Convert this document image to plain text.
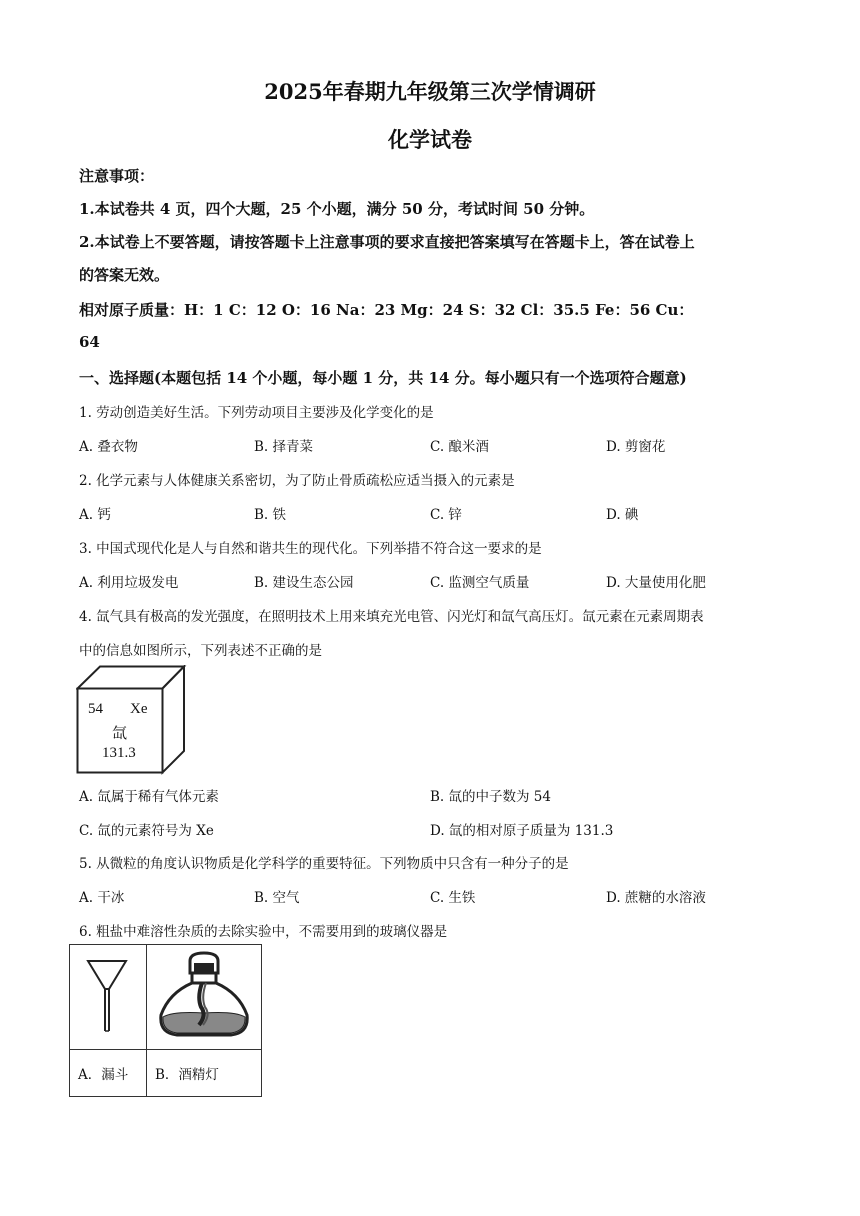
2025年春期九年级第三次学情调研
化学试卷
注意事项：
1.本试卷共 4 页，四个大题，25 个小题，满分 50 分，考试时间 50 分钟。
2.本试卷上不要答题，请按答题卡上注意事项的要求直接把答案填写在答题卡上，答在试卷上
的答案无效。
相对原子质量：H：1 C：12 O：16 Na：23 Mg：24 S：32 Cl：35.5 Fe：56 Cu：
64
一、选择题(本题包括 14 个小题，每小题 1 分，共 14 分。每小题只有一个选项符合题意)
1. 劳动创造美好生活。下列劳动项目主要涉及化学变化的是
A. 叠衣物	B. 择青菜	C. 酿米酒	D. 剪窗花
2. 化学元素与人体健康关系密切，为了防止骨质疏松应适当摄入的元素是
A. 钙	B. 铁	C. 锌	D. 碘
3. 中国式现代化是人与自然和谐共生的现代化。下列举措不符合这一要求的是
A. 利用垃圾发电	B. 建设生态公园	C. 监测空气质量	D. 大量使用化肥
4. 氙气具有极高的发光强度，在照明技术上用来填充光电管、闪光灯和氙气高压灯。氙元素在元素周期表
中的信息如图所示，下列表述不正确的是
54 Xe
氙
131.3
A. 氙属于稀有气体元素	B. 氙的中子数为 54
C. 氙的元素符号为 Xe	D. 氙的相对原子质量为 131.3
5. 从微粒的角度认识物质是化学科学的重要特征。下列物质中只含有一种分子的是
A. 干冰	B. 空气	C. 生铁	D. 蔗糖的水溶液
6. 粗盐中难溶性杂质的去除实验中，不需要用到的玻璃仪器是

A．漏斗	B．酒精灯
